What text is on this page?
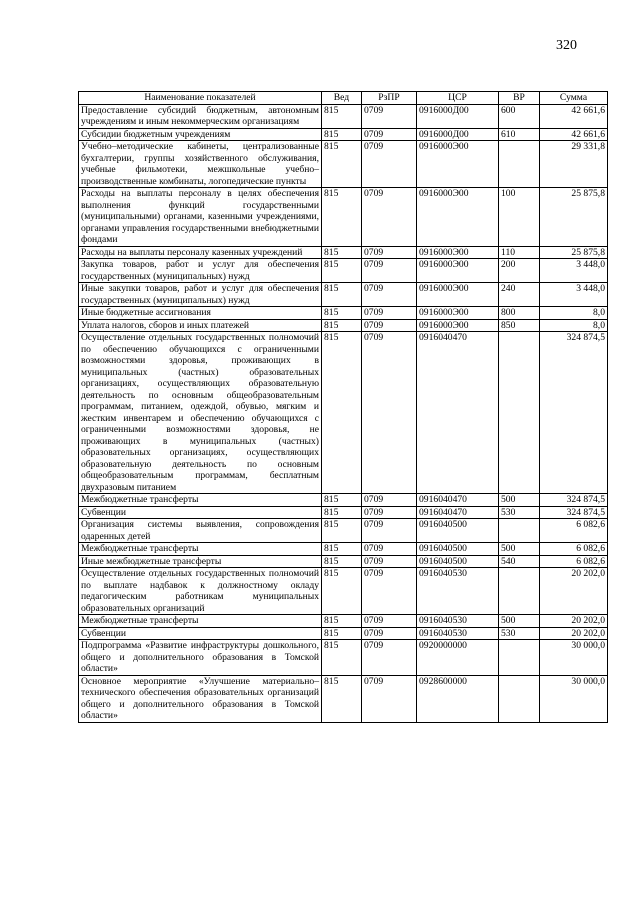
320
Наименование показателей	Вед	РзПР	ЦСР	ВР	Сумма
Предоставление субсидий бюджетным, автономным учреждениям и иным некоммерческим организациям	815	0709	0916000Д00	600	42 661,6
Субсидии бюджетным учреждениям	815	0709	0916000Д00	610	42 661,6
Учебно–методические кабинеты, централизованные бухгалтерии, группы хозяйственного обслуживания, учебные фильмотеки, межшкольные учебно–производственные комбинаты, логопедические пункты	815	0709	0916000Э00		29 331,8
Расходы на выплаты персоналу в целях обеспечения выполнения функций государственными (муниципальными) органами, казенными учреждениями, органами управления государственными внебюджетными фондами	815	0709	0916000Э00	100	25 875,8
Расходы на выплаты персоналу казенных учреждений	815	0709	0916000Э00	110	25 875,8
Закупка товаров, работ и услуг для обеспечения государственных (муниципальных) нужд	815	0709	0916000Э00	200	3 448,0
Иные закупки товаров, работ и услуг для обеспечения государственных (муниципальных) нужд	815	0709	0916000Э00	240	3 448,0
Иные бюджетные ассигнования	815	0709	0916000Э00	800	8,0
Уплата налогов, сборов и иных платежей	815	0709	0916000Э00	850	8,0
Осуществление отдельных государственных полномочий по обеспечению обучающихся с ограниченными возможностями здоровья, проживающих в муниципальных (частных) образовательных организациях, осуществляющих образовательную деятельность по основным общеобразовательным программам, питанием, одеждой, обувью, мягким и жестким инвентарем и обеспечению обучающихся с ограниченными возможностями здоровья, не проживающих в муниципальных (частных) образовательных организациях, осуществляющих образовательную деятельность по основным общеобразовательным программам, бесплатным двухразовым питанием	815	0709	0916040470		324 874,5
Межбюджетные трансферты	815	0709	0916040470	500	324 874,5
Субвенции	815	0709	0916040470	530	324 874,5
Организация системы выявления, сопровождения одаренных детей	815	0709	0916040500		6 082,6
Межбюджетные трансферты	815	0709	0916040500	500	6 082,6
Иные межбюджетные трансферты	815	0709	0916040500	540	6 082,6
Осуществление отдельных государственных полномочий по выплате надбавок к должностному окладу педагогическим работникам муниципальных образовательных организаций	815	0709	0916040530		20 202,0
Межбюджетные трансферты	815	0709	0916040530	500	20 202,0
Субвенции	815	0709	0916040530	530	20 202,0
Подпрограмма «Развитие инфраструктуры дошкольного, общего и дополнительного образования в Томской области»	815	0709	0920000000		30 000,0
Основное мероприятие «Улучшение материально–технического обеспечения образовательных организаций общего и дополнительного образования в Томской области»	815	0709	0928600000		30 000,0
